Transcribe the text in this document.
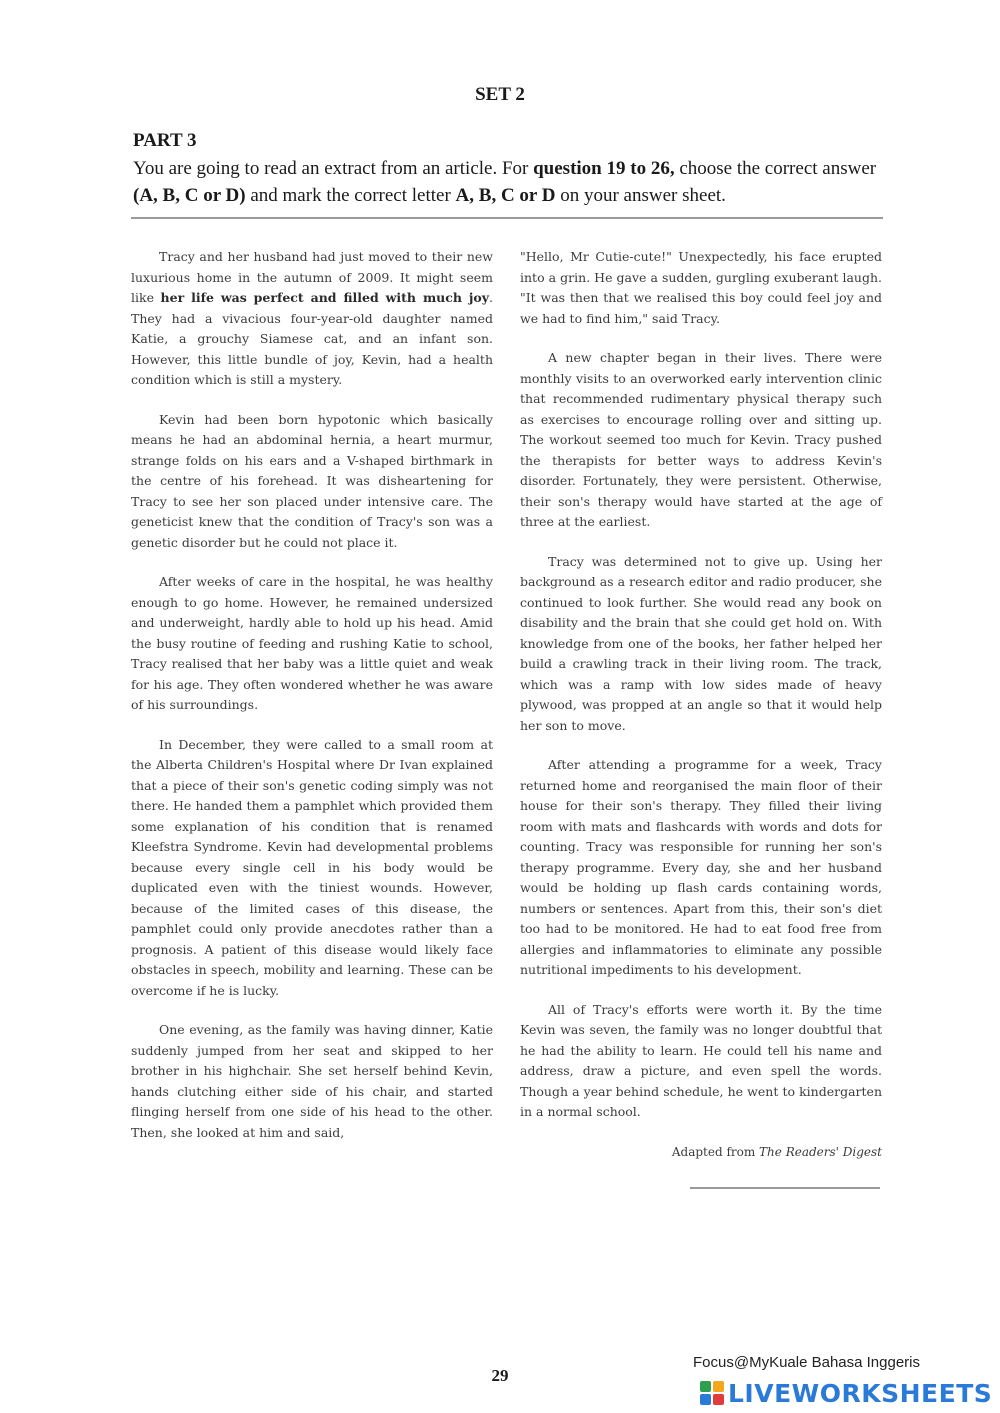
SET 2
PART 3
You are going to read an extract from an article. For question 19 to 26, choose the correct answer (A, B, C or D) and mark the correct letter A, B, C or D on your answer sheet.

Tracy and her husband had just moved to their new luxurious home in the autumn of 2009. It might seem like her life was perfect and filled with much joy. They had a vivacious four-year-old daughter named Katie, a grouchy Siamese cat, and an infant son. However, this little bundle of joy, Kevin, had a health condition which is still a mystery.

Kevin had been born hypotonic which basically means he had an abdominal hernia, a heart murmur, strange folds on his ears and a V-shaped birthmark in the centre of his forehead. It was disheartening for Tracy to see her son placed under intensive care. The geneticist knew that the condition of Tracy's son was a genetic disorder but he could not place it.

After weeks of care in the hospital, he was healthy enough to go home. However, he remained undersized and underweight, hardly able to hold up his head. Amid the busy routine of feeding and rushing Katie to school, Tracy realised that her baby was a little quiet and weak for his age. They often wondered whether he was aware of his surroundings.

In December, they were called to a small room at the Alberta Children's Hospital where Dr Ivan explained that a piece of their son's genetic coding simply was not there. He handed them a pamphlet which provided them some explanation of his condition that is renamed Kleefstra Syndrome. Kevin had developmental problems because every single cell in his body would be duplicated even with the tiniest wounds. However, because of the limited cases of this disease, the pamphlet could only provide anecdotes rather than a prognosis. A patient of this disease would likely face obstacles in speech, mobility and learning. These can be overcome if he is lucky.

One evening, as the family was having dinner, Katie suddenly jumped from her seat and skipped to her brother in his highchair. She set herself behind Kevin, hands clutching either side of his chair, and started flinging herself from one side of his head to the other. Then, she looked at him and said,

"Hello, Mr Cutie-cute!" Unexpectedly, his face erupted into a grin. He gave a sudden, gurgling exuberant laugh. "It was then that we realised this boy could feel joy and we had to find him," said Tracy.

A new chapter began in their lives. There were monthly visits to an overworked early intervention clinic that recommended rudimentary physical therapy such as exercises to encourage rolling over and sitting up. The workout seemed too much for Kevin. Tracy pushed the therapists for better ways to address Kevin's disorder. Fortunately, they were persistent. Otherwise, their son's therapy would have started at the age of three at the earliest.

Tracy was determined not to give up. Using her background as a research editor and radio producer, she continued to look further. She would read any book on disability and the brain that she could get hold on. With knowledge from one of the books, her father helped her build a crawling track in their living room. The track, which was a ramp with low sides made of heavy plywood, was propped at an angle so that it would help her son to move.

After attending a programme for a week, Tracy returned home and reorganised the main floor of their house for their son's therapy. They filled their living room with mats and flashcards with words and dots for counting. Tracy was responsible for running her son's therapy programme. Every day, she and her husband would be holding up flash cards containing words, numbers or sentences. Apart from this, their son's diet too had to be monitored. He had to eat food free from allergies and inflammatories to eliminate any possible nutritional impediments to his development.

All of Tracy's efforts were worth it. By the time Kevin was seven, the family was no longer doubtful that he had the ability to learn. He could tell his name and address, draw a picture, and even spell the words. Though a year behind schedule, he went to kindergarten in a normal school.

Adapted from The Readers' Digest
29
Focus@MyKuale Bahasa Inggeris
LIVEWORKSHEETS
